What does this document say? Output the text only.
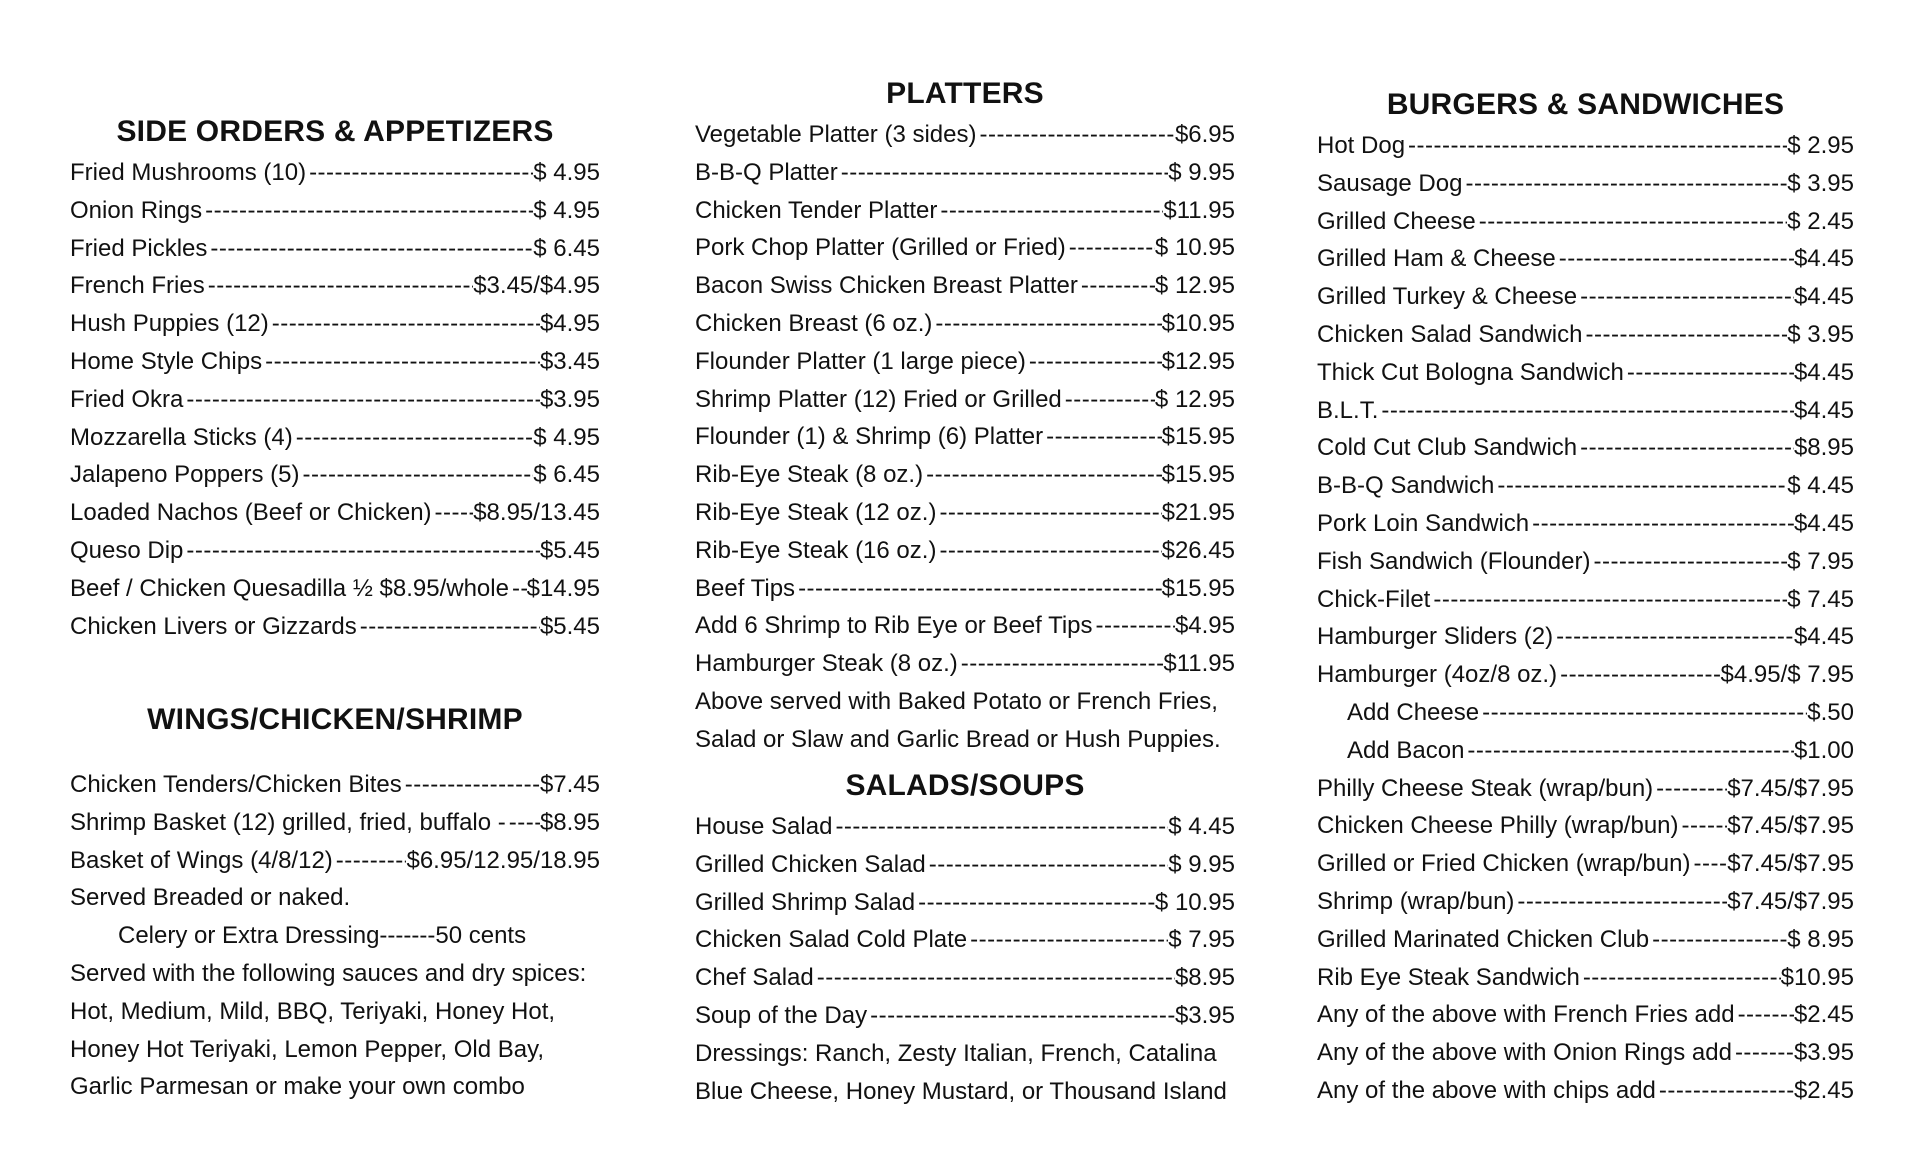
SIDE ORDERS & APPETIZERS
Fried Mushrooms (10) -----	$ 4.95
Onion Rings -----	$ 4.95
Fried Pickles -----	$ 6.45
French Fries -----	$3.45/$4.95
Hush Puppies (12) -----	$4.95
Home Style Chips -----	$3.45
Fried Okra -----	$3.95
Mozzarella Sticks (4) -----	$ 4.95
Jalapeno Poppers (5) -----	$ 6.45
Loaded Nachos (Beef or Chicken) ----- $8.95/13.45
Queso Dip -----	$5.45
Beef / Chicken Quesadilla ½ $8.95/whole ----- $14.95
Chicken Livers or Gizzards -----	$5.45
WINGS/CHICKEN/SHRIMP
Chicken Tenders/Chicken Bites -----	$7.45
Shrimp Basket (12) grilled, fried, buffalo - ----- $8.95
Basket of Wings (4/8/12) -----	$6.95/12.95/18.95
Served Breaded or naked.
Celery or Extra Dressing-------50 cents
Served with the following sauces and dry spices:
Hot, Medium, Mild, BBQ, Teriyaki, Honey Hot,
Honey Hot Teriyaki, Lemon Pepper, Old Bay,
Garlic Parmesan or make your own combo
PLATTERS
Vegetable Platter (3 sides) -----	$6.95
B-B-Q Platter -----	$ 9.95
Chicken Tender Platter -----	$11.95
Pork Chop Platter (Grilled or Fried) -----	$ 10.95
Bacon Swiss Chicken Breast Platter -----	$ 12.95
Chicken Breast (6 oz.) -----	$10.95
Flounder Platter (1 large piece) -----	$12.95
Shrimp Platter (12) Fried or Grilled -----	$ 12.95
Flounder (1) & Shrimp (6) Platter -----	$15.95
Rib-Eye Steak (8 oz.) -----	$15.95
Rib-Eye Steak (12 oz.) -----	$21.95
Rib-Eye Steak (16 oz.) -----	$26.45
Beef Tips -----	$15.95
Add 6 Shrimp to Rib Eye or Beef Tips -----	$4.95
Hamburger Steak (8 oz.) -----	$11.95
Above served with Baked Potato or French Fries,
Salad or Slaw and Garlic Bread or Hush Puppies.
SALADS/SOUPS
House Salad -----	$ 4.45
Grilled Chicken Salad -----	$ 9.95
Grilled Shrimp Salad -----	$ 10.95
Chicken Salad Cold Plate -----	$ 7.95
Chef Salad -----	$8.95
Soup of the Day -----	$3.95
Dressings: Ranch, Zesty Italian, French, Catalina
Blue Cheese, Honey Mustard, or Thousand Island
BURGERS & SANDWICHES
Hot Dog -----	$ 2.95
Sausage Dog -----	$ 3.95
Grilled Cheese -----	$ 2.45
Grilled Ham & Cheese -----	$4.45
Grilled Turkey & Cheese -----	$4.45
Chicken Salad Sandwich -----	$ 3.95
Thick Cut Bologna Sandwich -----	$4.45
B.L.T. -----	$4.45
Cold Cut Club Sandwich -----	$8.95
B-B-Q Sandwich -----	$ 4.45
Pork Loin Sandwich -----	$4.45
Fish Sandwich (Flounder) -----	$ 7.95
Chick-Filet -----	$ 7.45
Hamburger Sliders (2) -----	$4.45
Hamburger (4oz/8 oz.) -----	$4.95/$ 7.95
Add Cheese -----	$.50
Add Bacon -----	$1.00
Philly Cheese Steak (wrap/bun) -----	$7.45/$7.95
Chicken Cheese Philly (wrap/bun) ----- $7.45/$7.95
Grilled or Fried Chicken (wrap/bun) ----- $7.45/$7.95
Shrimp (wrap/bun) -----	$7.45/$7.95
Grilled Marinated Chicken Club -----	$ 8.95
Rib Eye Steak Sandwich -----	$10.95
Any of the above with French Fries add ----- $2.45
Any of the above with Onion Rings add -----	$3.95
Any of the above with chips add -----	$2.45
